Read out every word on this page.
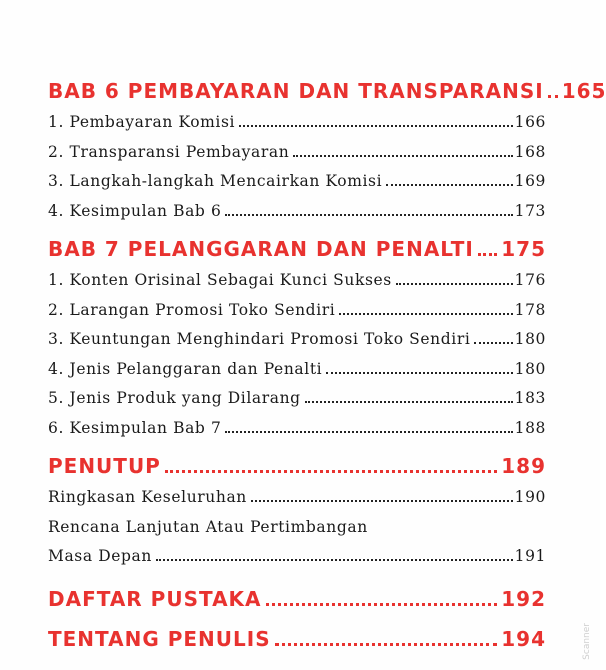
BAB 6 PEMBAYARAN DAN TRANSPARANSI 165
1. Pembayaran Komisi	166
2. Transparansi Pembayaran	168
3. Langkah-langkah Mencairkan Komisi	169
4. Kesimpulan Bab 6	173
BAB 7 PELANGGARAN DAN PENALTI 175
1. Konten Orisinal Sebagai Kunci Sukses	176
2. Larangan Promosi Toko Sendiri	178
3. Keuntungan Menghindari Promosi Toko Sendiri	180
4. Jenis Pelanggaran dan Penalti	180
5. Jenis Produk yang Dilarang	183
6. Kesimpulan Bab 7	188
PENUTUP	189
Ringkasan Keseluruhan	190
Rencana Lanjutan Atau Pertimbangan
Masa Depan	191
DAFTAR PUSTAKA	192
TENTANG PENULIS	194	Scanner
